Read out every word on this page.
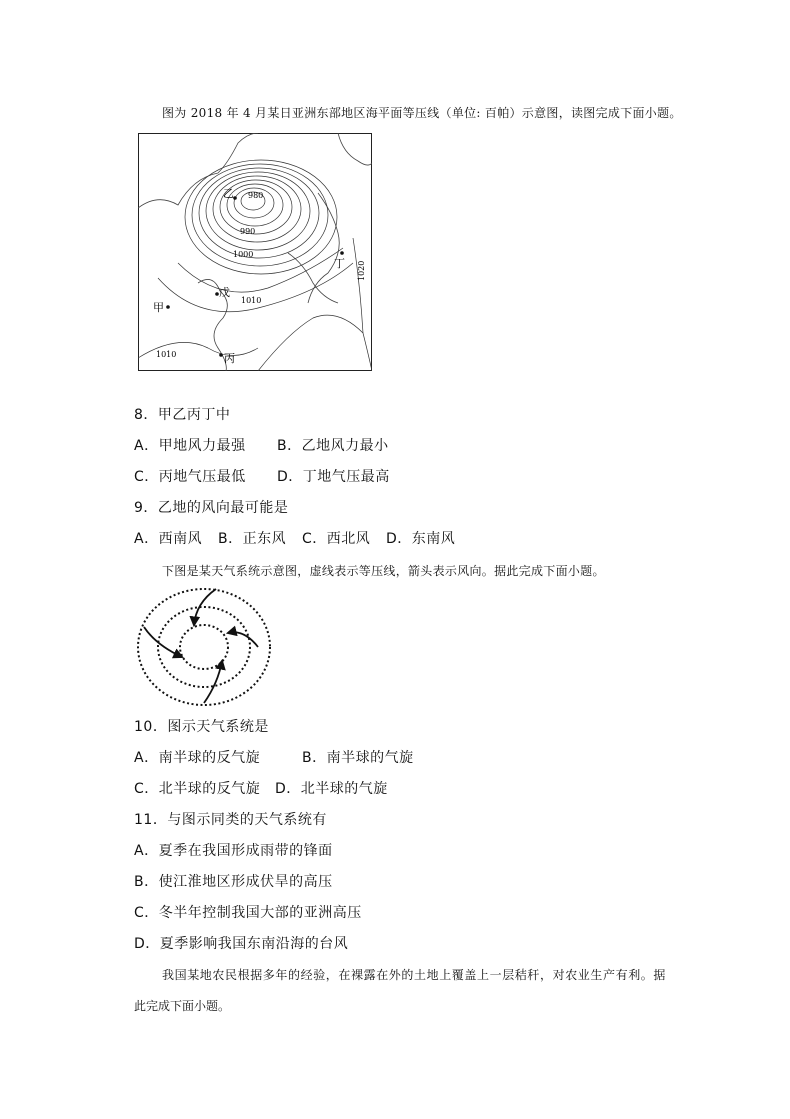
图为 2018 年 4 月某日亚洲东部地区海平面等压线（单位: 百帕）示意图，读图完成下面小题。
乙 980
990
1000
丁 1020
甲
戊
1010
1010	丙
8．甲乙丙丁中
A．甲地风力最强 B．乙地风力最小
C．丙地气压最低 D．丁地气压最高
9．乙地的风向最可能是
A．西南风 B．正东风 C．西北风 D．东南风
下图是某天气系统示意图，虚线表示等压线，箭头表示风向。据此完成下面小题。
10．图示天气系统是
A．南半球的反气旋	B．南半球的气旋
C．北半球的反气旋 D．北半球的气旋
11．与图示同类的天气系统有
A．夏季在我国形成雨带的锋面
B．使江淮地区形成伏旱的高压
C．冬半年控制我国大部的亚洲高压
D．夏季影响我国东南沿海的台风
我国某地农民根据多年的经验，在裸露在外的土地上覆盖上一层秸秆，对农业生产有利。据
此完成下面小题。
